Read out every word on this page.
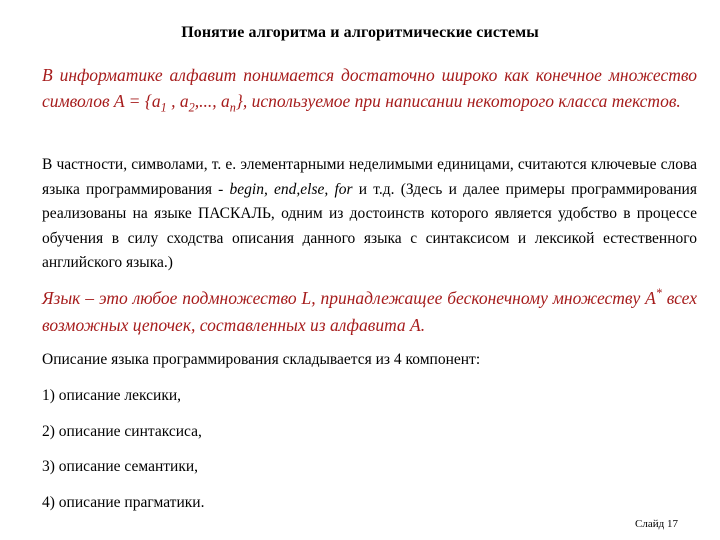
Понятие алгоритма и алгоритмические системы

В информатике алфавит понимается достаточно широко как конечное множество символов $A = \{a_1$ , $a_2$,..., $a_n$}, используемое при написании некоторого класса текстов.

В частности, символами, т. е. элементарными неделимыми единицами, считаются ключевые слова языка программирования - begin, end,else, for и т.д. (Здесь и далее примеры программирования реализованы на языке ПАСКАЛЬ, одним из достоинств которого является удобство в процессе обучения в силу сходства описания данного языка с синтаксисом и лексикой естественного английского языка.)

Язык – это любое подмножество L, принадлежащее бесконечному множеству A* всех возможных цепочек, составленных из алфавита А.

Описание языка программирования складывается из 4 компонент:

1) описание лексики,

2) описание синтаксиса,

3) описание семантики,

4) описание прагматики.

Слайд 17
